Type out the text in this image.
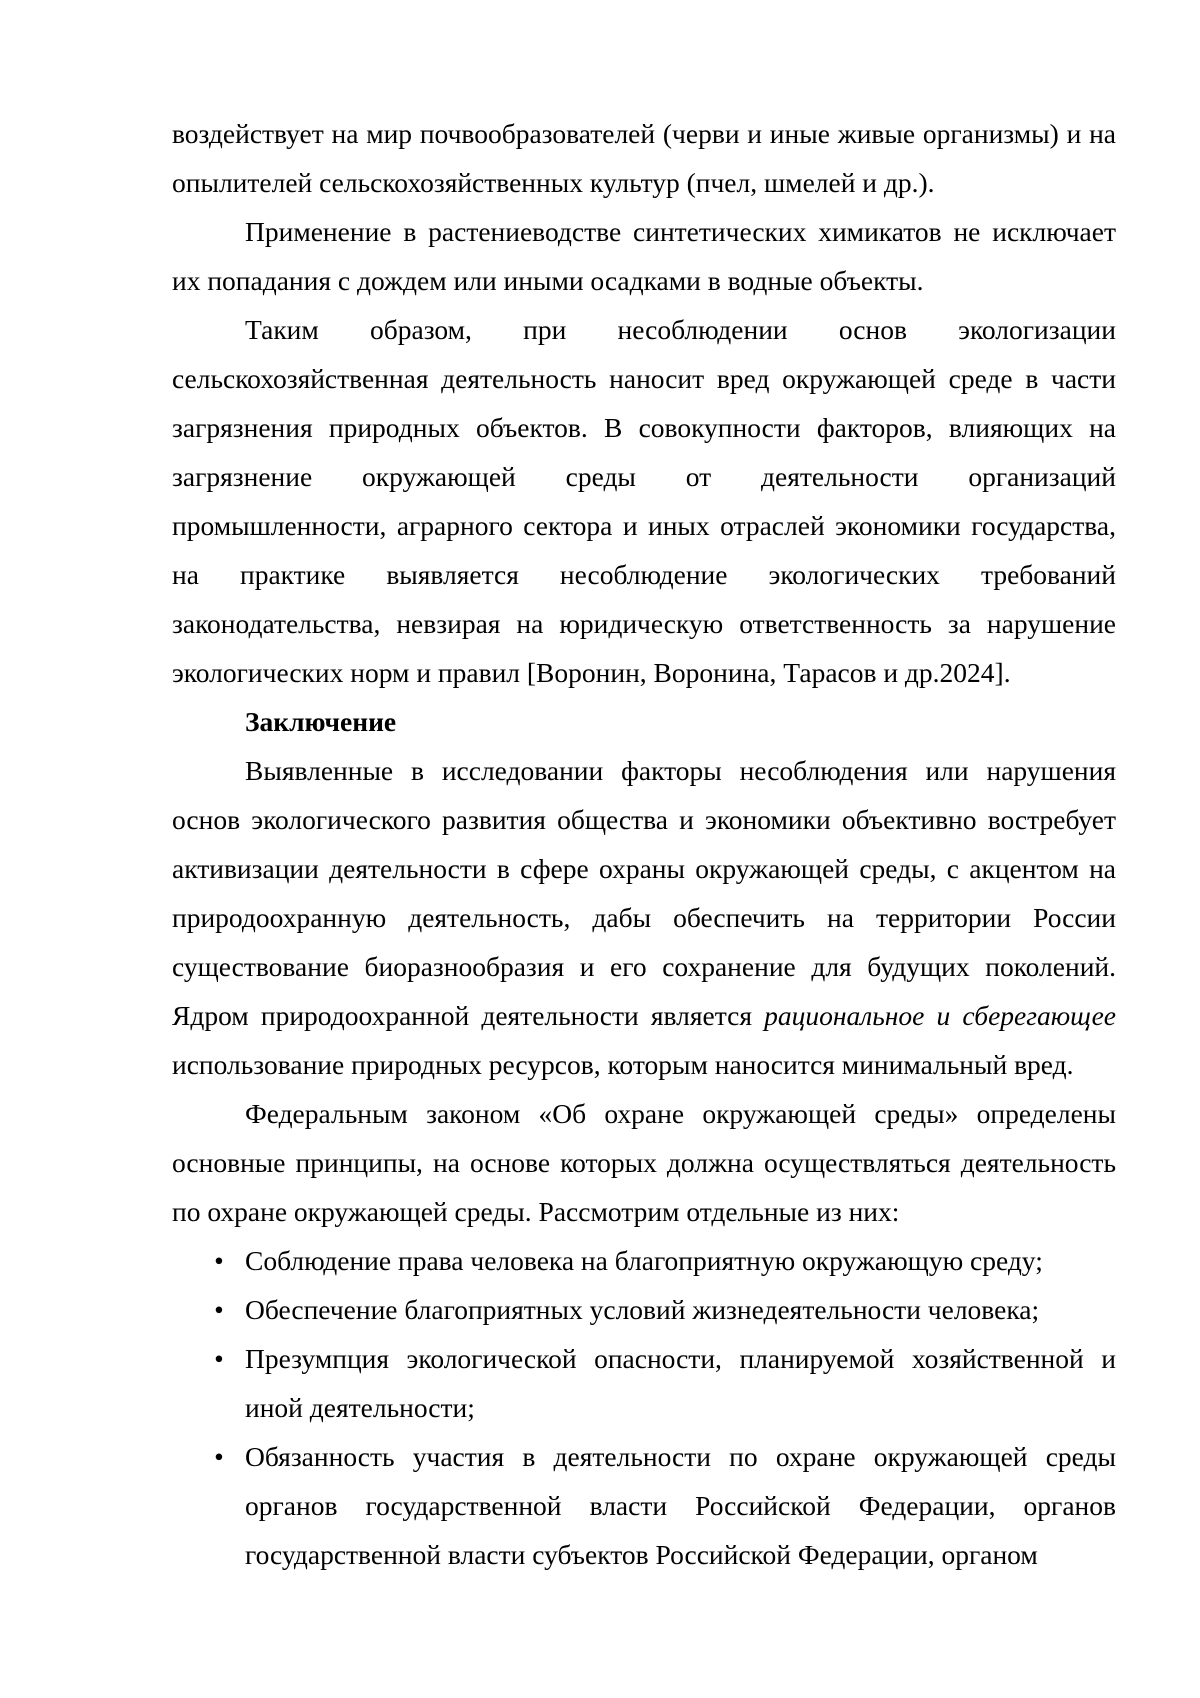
воздействует на мир почвообразователей (черви и иные живые организмы) и на опылителей сельскохозяйственных культур (пчел, шмелей и др.).

Применение в растениеводстве синтетических химикатов не исключает их попадания с дождем или иными осадками в водные объекты.

Таким образом, при несоблюдении основ экологизации сельскохозяйственная деятельность наносит вред окружающей среде в части загрязнения природных объектов. В совокупности факторов, влияющих на загрязнение окружающей среды от деятельности организаций промышленности, аграрного сектора и иных отраслей экономики государства, на практике выявляется несоблюдение экологических требований законодательства, невзирая на юридическую ответственность за нарушение экологических норм и правил [Воронин, Воронина, Тарасов и др.2024].

Заключение

Выявленные в исследовании факторы несоблюдения или нарушения основ экологического развития общества и экономики объективно востребует активизации деятельности в сфере охраны окружающей среды, с акцентом на природоохранную деятельность, дабы обеспечить на территории России существование биоразнообразия и его сохранение для будущих поколений. Ядром природоохранной деятельности является рациональное и сберегающее использование природных ресурсов, которым наносится минимальный вред.

Федеральным законом «Об охране окружающей среды» определены основные принципы, на основе которых должна осуществляться деятельность по охране окружающей среды. Рассмотрим отдельные из них:

• Соблюдение права человека на благоприятную окружающую среду;
• Обеспечение благоприятных условий жизнедеятельности человека;
• Презумпция экологической опасности, планируемой хозяйственной и иной деятельности;
• Обязанность участия в деятельности по охране окружающей среды органов государственной власти Российской Федерации, органов государственной власти субъектов Российской Федерации, органом
